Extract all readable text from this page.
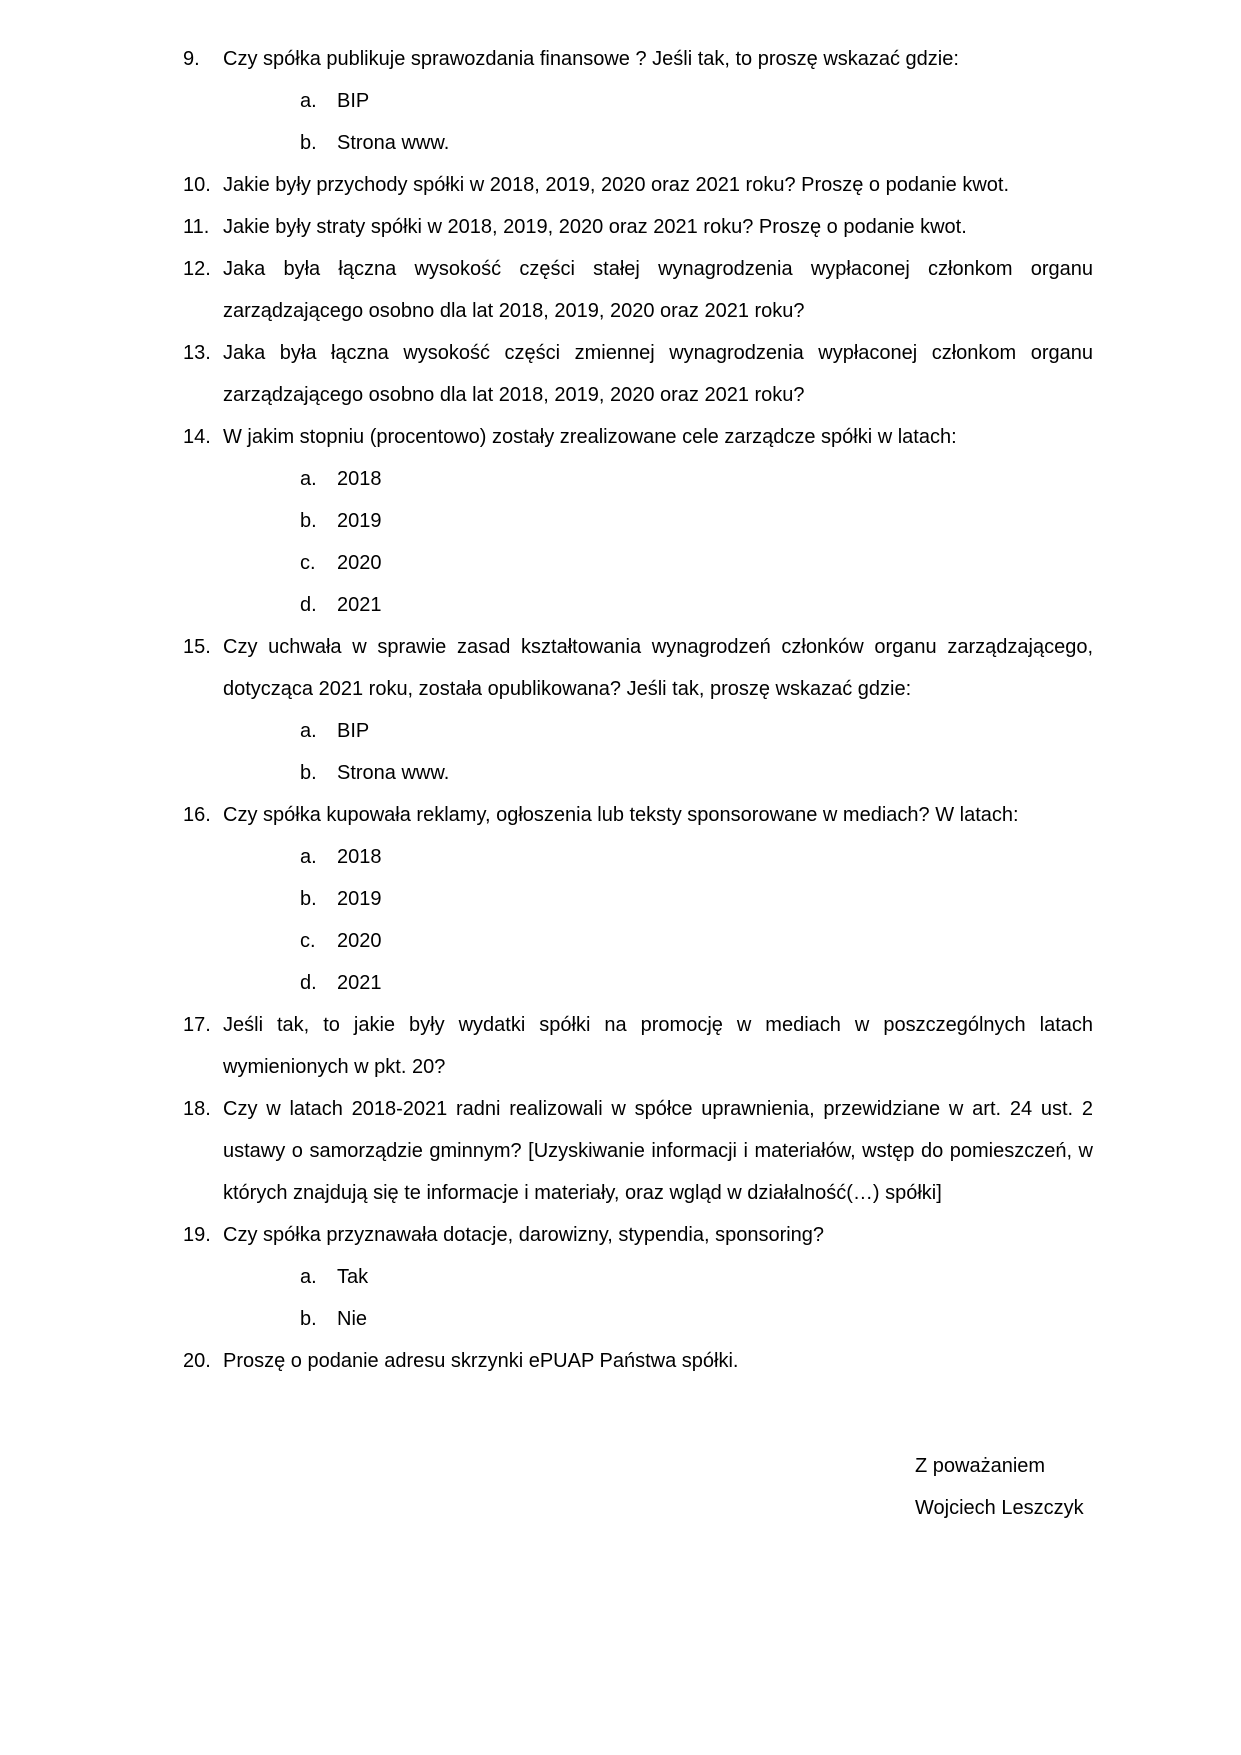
9.	Czy spółka publikuje sprawozdania finansowe ? Jeśli tak, to proszę wskazać gdzie:
a. BIP
b. Strona www.
10. Jakie były przychody spółki w 2018, 2019, 2020 oraz 2021 roku? Proszę o podanie kwot.
11. Jakie były straty spółki w 2018, 2019, 2020 oraz 2021 roku? Proszę o podanie kwot.
12. Jaka była łączna wysokość części stałej wynagrodzenia wypłaconej członkom organu zarządzającego osobno dla lat 2018, 2019, 2020 oraz 2021 roku?
13. Jaka była łączna wysokość części zmiennej wynagrodzenia wypłaconej członkom organu zarządzającego osobno dla lat 2018, 2019, 2020 oraz 2021 roku?
14. W jakim stopniu (procentowo) zostały zrealizowane cele zarządcze spółki w latach:
a. 2018
b. 2019
c. 2020
d. 2021
15. Czy uchwała w sprawie zasad kształtowania wynagrodzeń członków organu zarządzającego, dotycząca 2021 roku, została opublikowana? Jeśli tak, proszę wskazać gdzie:
a. BIP
b. Strona www.
16. Czy spółka kupowała reklamy, ogłoszenia lub teksty sponsorowane w mediach? W latach:
a. 2018
b. 2019
c. 2020
d. 2021
17. Jeśli tak, to jakie były wydatki spółki na promocję w mediach w poszczególnych latach wymienionych w pkt. 20?
18. Czy w latach 2018-2021 radni realizowali w spółce uprawnienia, przewidziane w art. 24 ust. 2 ustawy o samorządzie gminnym? [Uzyskiwanie informacji i materiałów, wstęp do pomieszczeń, w których znajdują się te informacje i materiały, oraz wgląd w działalność(…) spółki]
19. Czy spółka przyznawała dotacje, darowizny, stypendia, sponsoring?
a. Tak
b. Nie
20. Proszę o podanie adresu skrzynki ePUAP Państwa spółki.
Z poważaniem
Wojciech Leszczyk
